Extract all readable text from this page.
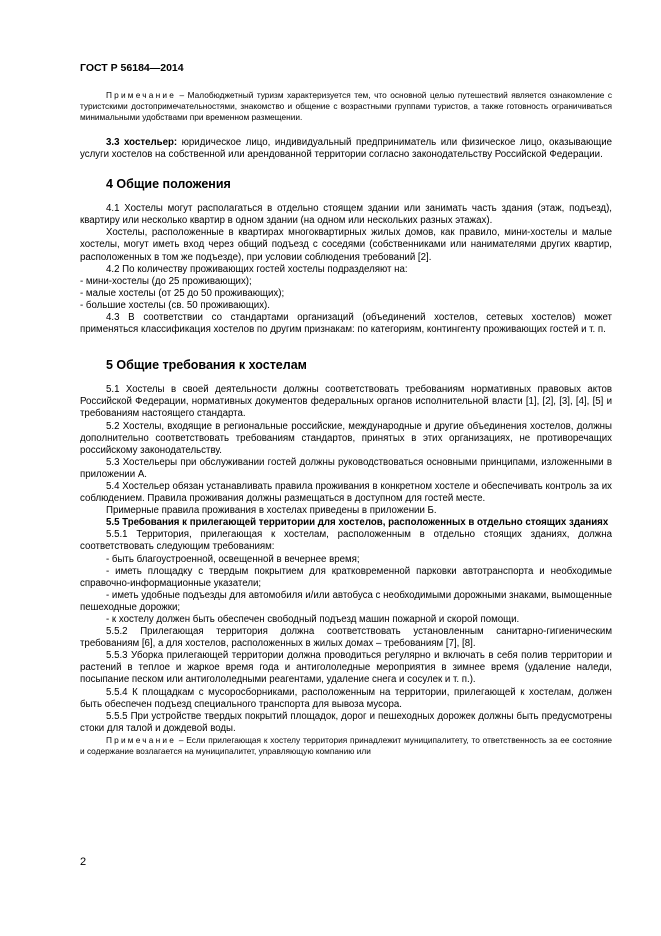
ГОСТ Р 56184—2014

Примечание – Малобюджетный туризм характеризуется тем, что основной целью путешествий является ознакомление с туристскими достопримечательностями, знакомство и общение с возрастными группами туристов, а также готовность ограничиваться минимальными удобствами при временном размещении.

3.3 хостельер: юридическое лицо, индивидуальный предприниматель или физическое лицо, оказывающие услуги хостелов на собственной или арендованной территории согласно законодательству Российской Федерации.

4 Общие положения

4.1 Хостелы могут располагаться в отдельно стоящем здании или занимать часть здания (этаж, подъезд), квартиру или несколько квартир в одном здании (на одном или нескольких разных этажах).

Хостелы, расположенные в квартирах многоквартирных жилых домов, как правило, мини-хостелы и малые хостелы, могут иметь вход через общий подъезд с соседями (собственниками или нанимателями других квартир, расположенных в том же подъезде), при условии соблюдения требований [2].

4.2 По количеству проживающих гостей хостелы подразделяют на:

- мини-хостелы (до 25 проживающих);

- малые хостелы (от 25 до 50 проживающих);

- большие хостелы (св. 50 проживающих).

4.3 В соответствии со стандартами организаций (объединений хостелов, сетевых хостелов) может применяться классификация хостелов по другим признакам: по категориям, контингенту проживающих гостей и т. п.

5 Общие требования к хостелам

5.1 Хостелы в своей деятельности должны соответствовать требованиям нормативных правовых актов Российской Федерации, нормативных документов федеральных органов исполнительной власти [1], [2], [3], [4], [5] и требованиям настоящего стандарта.

5.2 Хостелы, входящие в региональные российские, международные и другие объединения хостелов, должны дополнительно соответствовать требованиям стандартов, принятых в этих организациях, не противоречащих российскому законодательству.

5.3 Хостельеры при обслуживании гостей должны руководствоваться основными принципами, изложенными в приложении А.

5.4 Хостельер обязан устанавливать правила проживания в конкретном хостеле и обеспечивать контроль за их соблюдением. Правила проживания должны размещаться в доступном для гостей месте.

Примерные правила проживания в хостелах приведены в приложении Б.

5.5 Требования к прилегающей территории для хостелов, расположенных в отдельно стоящих зданиях

5.5.1 Территория, прилегающая к хостелам, расположенным в отдельно стоящих зданиях, должна соответствовать следующим требованиям:

- быть благоустроенной, освещенной в вечернее время;

- иметь площадку с твердым покрытием для кратковременной парковки автотранспорта и необходимые справочно-информационные указатели;

- иметь удобные подъезды для автомобиля и/или автобуса с необходимыми дорожными знаками, вымощенные пешеходные дорожки;

- к хостелу должен быть обеспечен свободный подъезд машин пожарной и скорой помощи.

5.5.2 Прилегающая территория должна соответствовать установленным санитарно-гигиеническим требованиям [6], а для хостелов, расположенных в жилых домах – требованиям [7], [8].

5.5.3 Уборка прилегающей территории должна проводиться регулярно и включать в себя полив территории и растений в теплое и жаркое время года и антигололедные мероприятия в зимнее время (удаление наледи, посыпание песком или антигололедными реагентами, удаление снега и сосулек и т. п.).

5.5.4 К площадкам с мусоросборниками, расположенным на территории, прилегающей к хостелам, должен быть обеспечен подъезд специального транспорта для вывоза мусора.

5.5.5 При устройстве твердых покрытий площадок, дорог и пешеходных дорожек должны быть предусмотрены стоки для талой и дождевой воды.

Примечание – Если прилегающая к хостелу территория принадлежит муниципалитету, то ответственность за ее состояние и содержание возлагается на муниципалитет, управляющую компанию или

2
